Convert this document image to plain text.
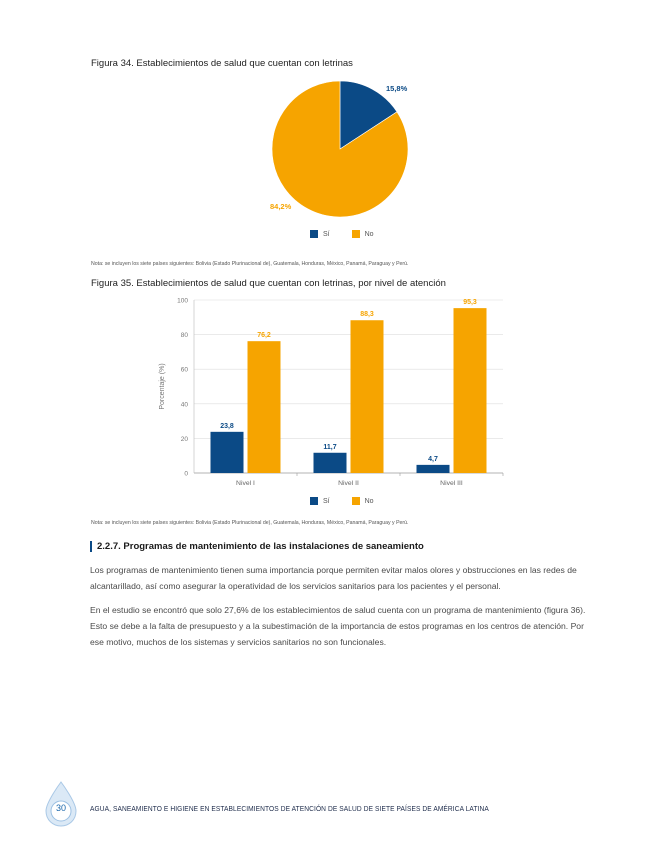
Figura 34. Establecimientos de salud que cuentan con letrinas
15,8%
84,2%
Sí	No
Nota: se incluyen los siete países siguientes: Bolivia (Estado Plurinacional de), Guatemala, Honduras, México, Panamá, Paraguay y Perú.
Figura 35. Establecimientos de salud que cuentan con letrinas, por nivel de atención
0
20
40
60
80
100
Porcentaje (%)
23,8
76,2
Nivel I
11,7
88,3
Nivel II
4,7
95,3
Nivel III
Sí	No
Nota: se incluyen los siete países siguientes: Bolivia (Estado Plurinacional de), Guatemala, Honduras, México, Panamá, Paraguay y Perú.
2.2.7. Programas de mantenimiento de las instalaciones de saneamiento

Los programas de mantenimiento tienen suma importancia porque permiten evitar malos olores y obstrucciones en las redes de alcantarillado, así como asegurar la operatividad de los servicios sanitarios para los pacientes y el personal.

En el estudio se encontró que solo 27,6% de los establecimientos de salud cuenta con un programa de mantenimiento (figura 36). Esto se debe a la falta de presupuesto y a la subestimación de la importancia de estos programas en los centros de atención. Por ese motivo, muchos de los sistemas y servicios sanitarios no son funcionales.

30	AGUA, SANEAMIENTO E HIGIENE EN ESTABLECIMIENTOS DE ATENCIÓN DE SALUD DE SIETE PAÍSES DE AMÉRICA LATINA
